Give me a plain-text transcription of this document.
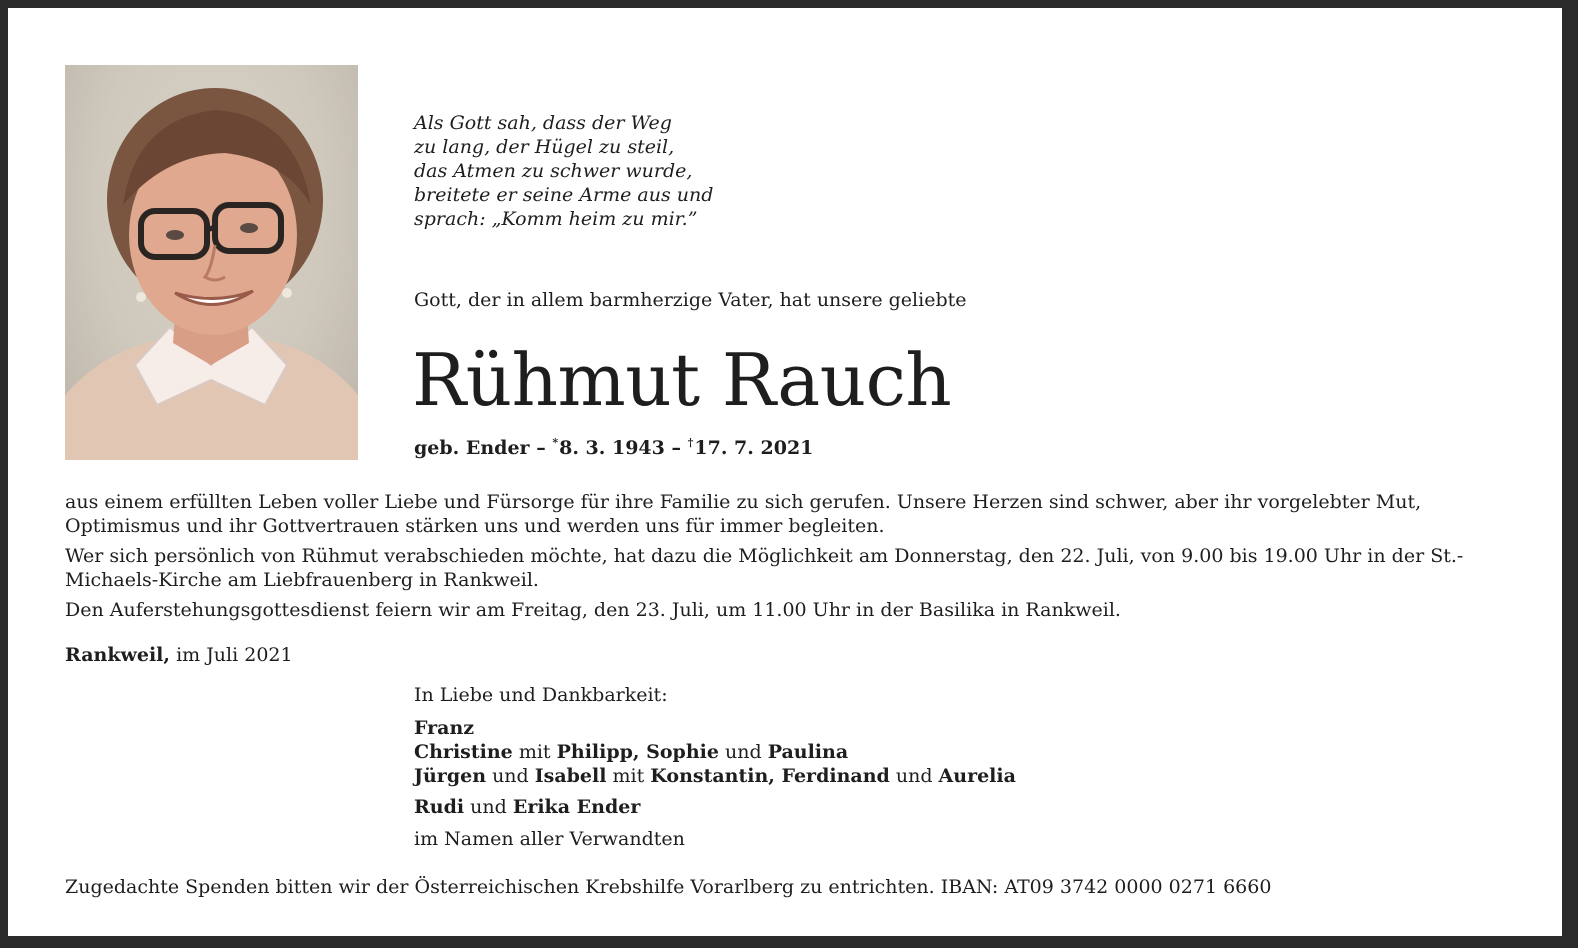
Als Gott sah, dass der Weg
zu lang, der Hügel zu steil,
das Atmen zu schwer wurde,
breitete er seine Arme aus und
sprach: „Komm heim zu mir.”
Gott, der in allem barmherzige Vater, hat unsere geliebte
Rühmut Rauch
geb. Ender – *8. 3. 1943 – †17. 7. 2021

aus einem erfüllten Leben voller Liebe und Fürsorge für ihre Familie zu sich gerufen. Unsere Herzen sind schwer, aber ihr vorgelebter Mut, Optimismus und ihr Gottvertrauen stärken uns und werden uns für immer begleiten.

Wer sich persönlich von Rühmut verabschieden möchte, hat dazu die Möglichkeit am Donnerstag, den 22. Juli, von 9.00 bis 19.00 Uhr in der St.-Michaels-Kirche am Liebfrauenberg in Rankweil.

Den Auferstehungsgottesdienst feiern wir am Freitag, den 23. Juli, um 11.00 Uhr in der Basilika in Rankweil.

Rankweil, im Juli 2021
In Liebe und Dankbarkeit:
Franz
Christine mit Philipp, Sophie und Paulina
Jürgen und Isabell mit Konstantin, Ferdinand und Aurelia
Rudi und Erika Ender
im Namen aller Verwandten
Zugedachte Spenden bitten wir der Österreichischen Krebshilfe Vorarlberg zu entrichten. IBAN: AT09 3742 0000 0271 6660
